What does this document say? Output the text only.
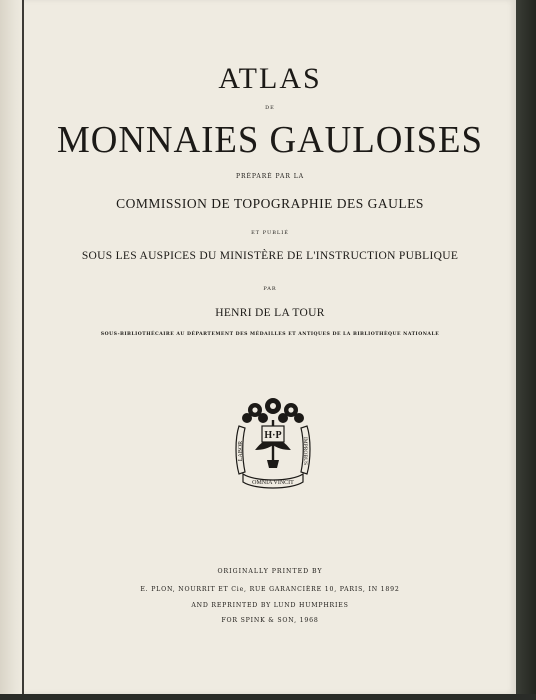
ATLAS
DE
MONNAIES GAULOISES
PRÉPARÉ PAR LA
COMMISSION DE TOPOGRAPHIE DES GAULES
ET PUBLIÉ
SOUS LES AUSPICES DU MINISTÈRE DE L'INSTRUCTION PUBLIQUE
PAR
HENRI DE LA TOUR
SOUS-BIBLIOTHÉCAIRE AU DÉPARTEMENT DES MÉDAILLES ET ANTIQUES DE LA BIBLIOTHÈQUE NATIONALE
H·P
LABOR	IMPROBUS
OMNIA VINCIT
ORIGINALLY PRINTED BY
E. PLON, NOURRIT ET Cie, RUE GARANCIÈRE 10, PARIS, IN 1892
AND REPRINTED BY LUND HUMPHRIES
FOR SPINK & SON, 1968
